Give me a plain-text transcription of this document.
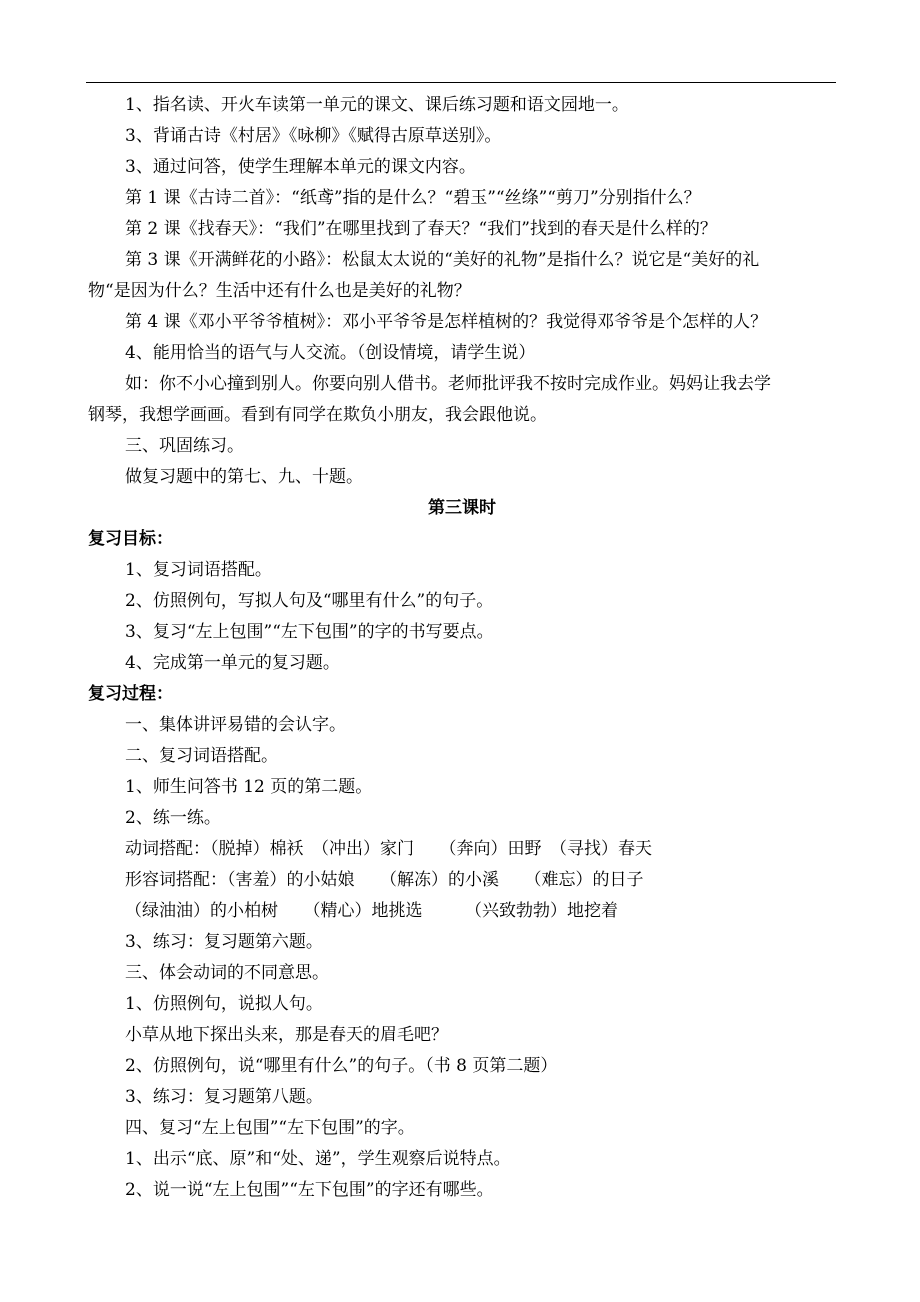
1、指名读、开火车读第一单元的课文、课后练习题和语文园地一。
3、背诵古诗《村居》《咏柳》《赋得古原草送别》。
3、通过问答，使学生理解本单元的课文内容。
第 1 课《古诗二首》：“纸鸢”指的是什么？“碧玉”“丝绦”“剪刀”分别指什么？
第 2 课《找春天》：“我们”在哪里找到了春天？“我们”找到的春天是什么样的？
第 3 课《开满鲜花的小路》：松鼠太太说的“美好的礼物”是指什么？说它是“美好的礼
物“是因为什么？生活中还有什么也是美好的礼物？
第 4 课《邓小平爷爷植树》：邓小平爷爷是怎样植树的？我觉得邓爷爷是个怎样的人？
4、能用恰当的语气与人交流。（创设情境，请学生说）
如：你不小心撞到别人。你要向别人借书。老师批评我不按时完成作业。妈妈让我去学
钢琴，我想学画画。看到有同学在欺负小朋友，我会跟他说。
三、巩固练习。
做复习题中的第七、九、十题。
第三课时
复习目标：
1、复习词语搭配。
2、仿照例句，写拟人句及“哪里有什么”的句子。
3、复习“左上包围”“左下包围”的字的书写要点。
4、完成第一单元的复习题。
复习过程：
一、集体讲评易错的会认字。
二、复习词语搭配。
1、师生问答书 12 页的第二题。
2、练一练。
动词搭配：（脱掉）棉袄　（冲出）家门　　（奔向）田野　（寻找）春天
形容词搭配：（害羞）的小姑娘　　（解冻）的小溪　　（难忘）的日子
（绿油油）的小柏树　　（精心）地挑选　　　（兴致勃勃）地挖着
3、练习：复习题第六题。
三、体会动词的不同意思。
1、仿照例句，说拟人句。
小草从地下探出头来，那是春天的眉毛吧？
2、仿照例句，说“哪里有什么”的句子。（书 8 页第二题）
3、练习：复习题第八题。
四、复习“左上包围”“左下包围”的字。
1、出示“底、原”和“处、递”，学生观察后说特点。
2、说一说“左上包围”“左下包围”的字还有哪些。
